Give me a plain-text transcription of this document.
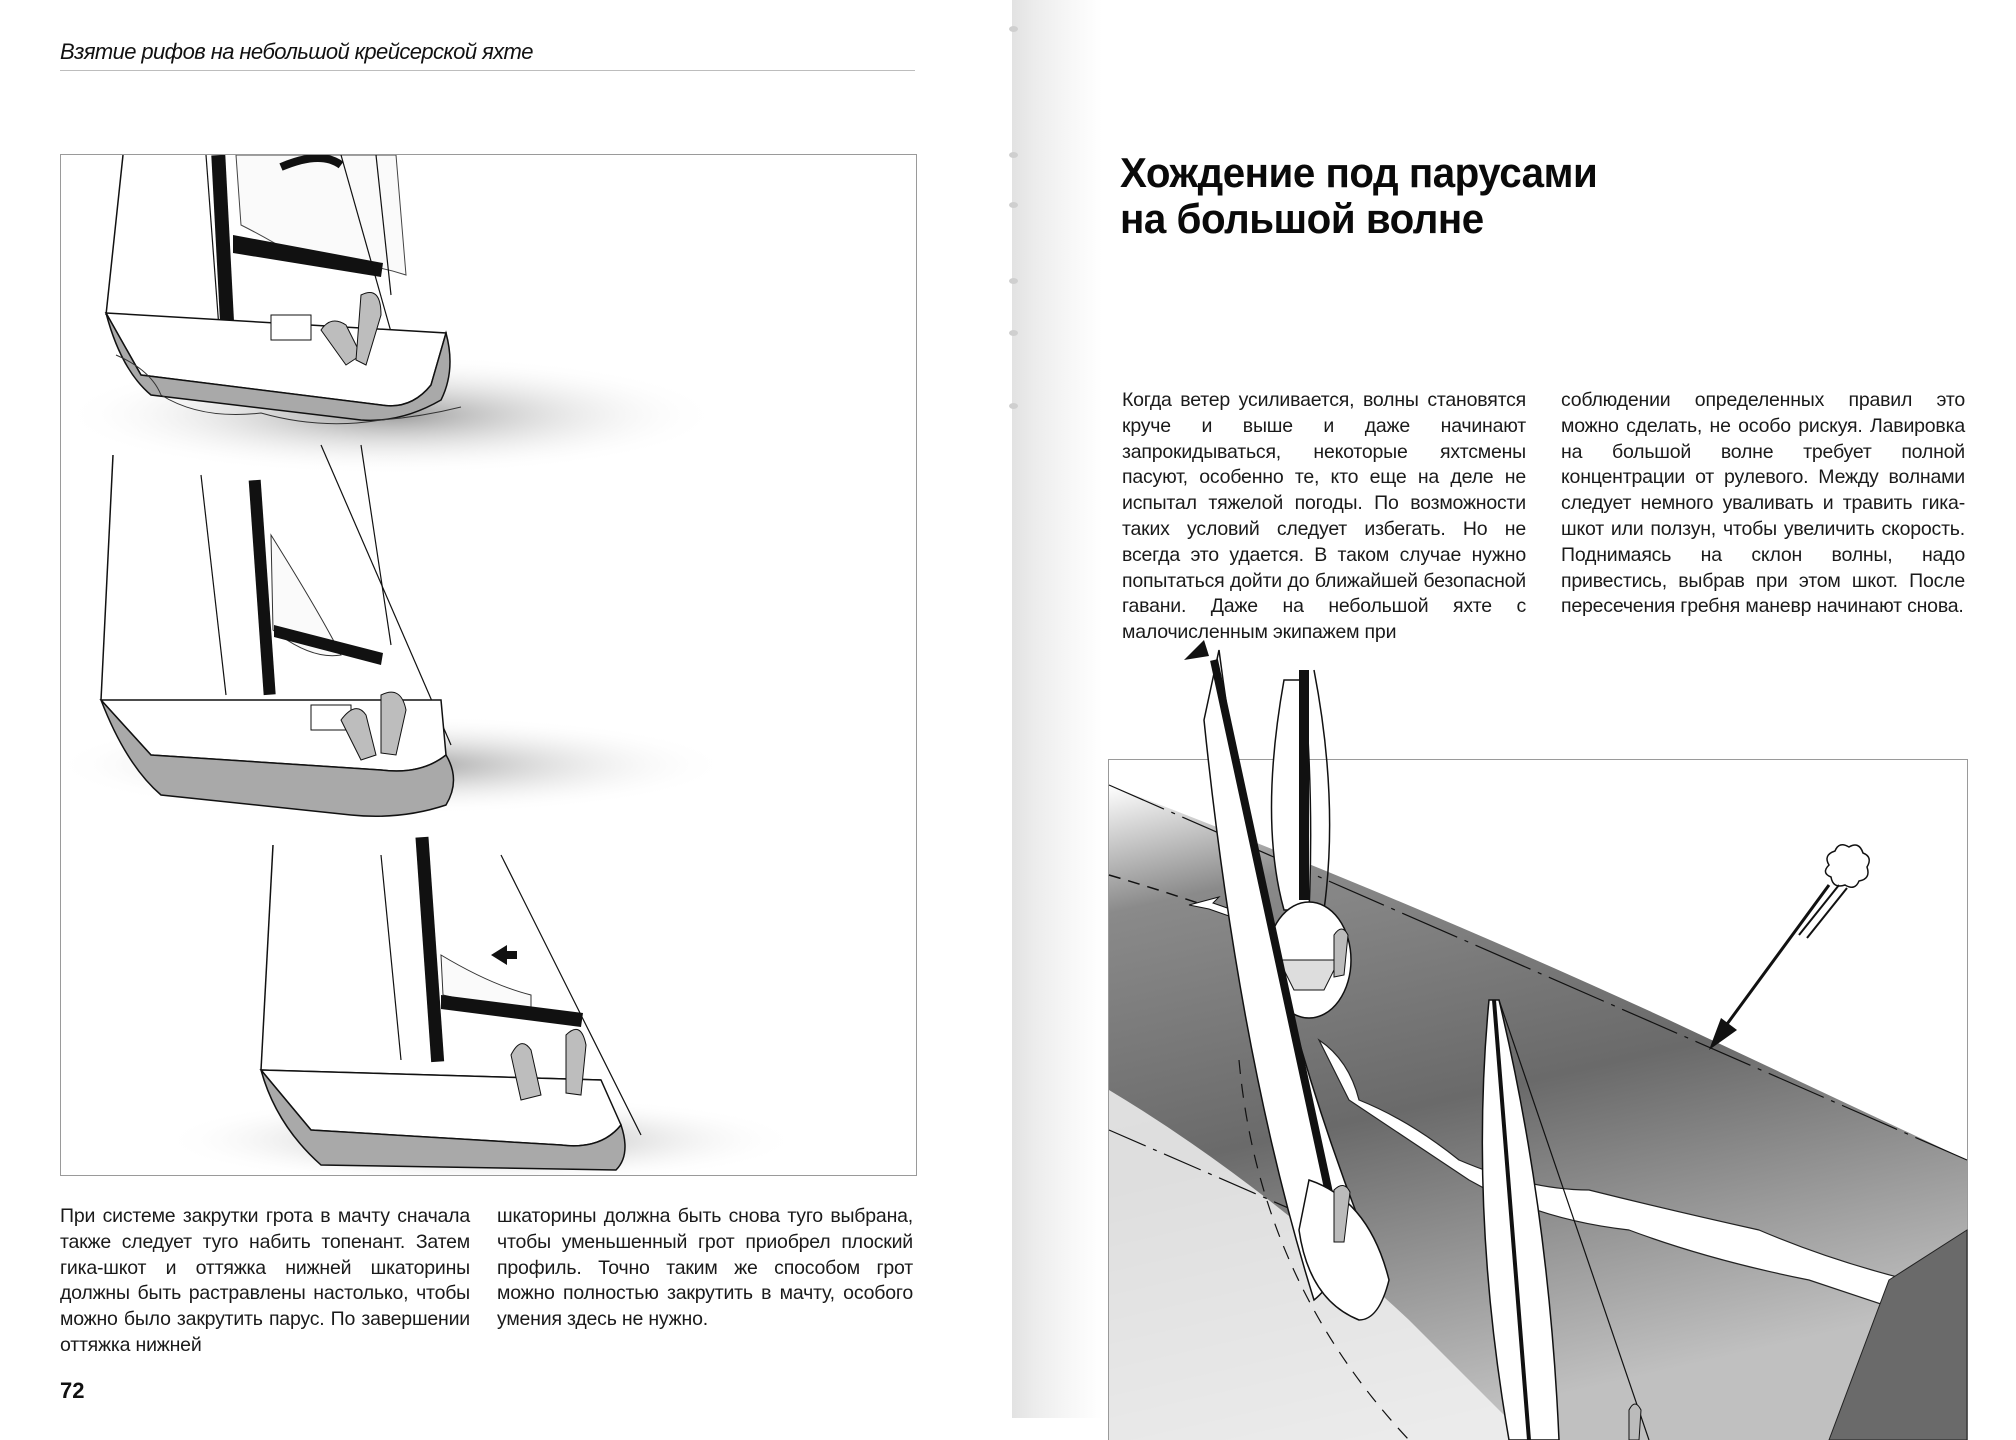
Взятие рифов на небольшой крейсерской яхте
При системе закрутки грота в мачту сначала также следует туго набить топенант. Затем гика-шкот и оттяжка нижней шкаторины должны быть растравлены настолько, чтобы можно было закрутить парус. По завершении оттяжка нижней
шкаторины должна быть снова туго выбрана, чтобы уменьшенный грот приобрел плоский профиль. Точно таким же способом грот можно полностью закрутить в мачту, особого умения здесь не нужно.
72
Хождение под парусами
на большой волне
Когда ветер усиливается, волны становятся круче и выше и даже начинают запрокидываться, некоторые яхтсмены пасуют, особенно те, кто еще на деле не испытал тяжелой погоды. По возможности таких условий следует избегать. Но не всегда это удается. В таком случае нужно попытаться дойти до ближайшей безопасной гавани. Даже на небольшой яхте с малочисленным экипажем при
соблюдении определенных правил это можно сделать, не особо рискуя. Лавировка на большой волне требует полной концентрации от рулевого. Между волнами следует немного уваливать и травить гика-шкот или ползун, чтобы увеличить скорость. Поднимаясь на склон волны, надо привестись, выбрав при этом шкот. После пересечения гребня маневр начинают снова.
